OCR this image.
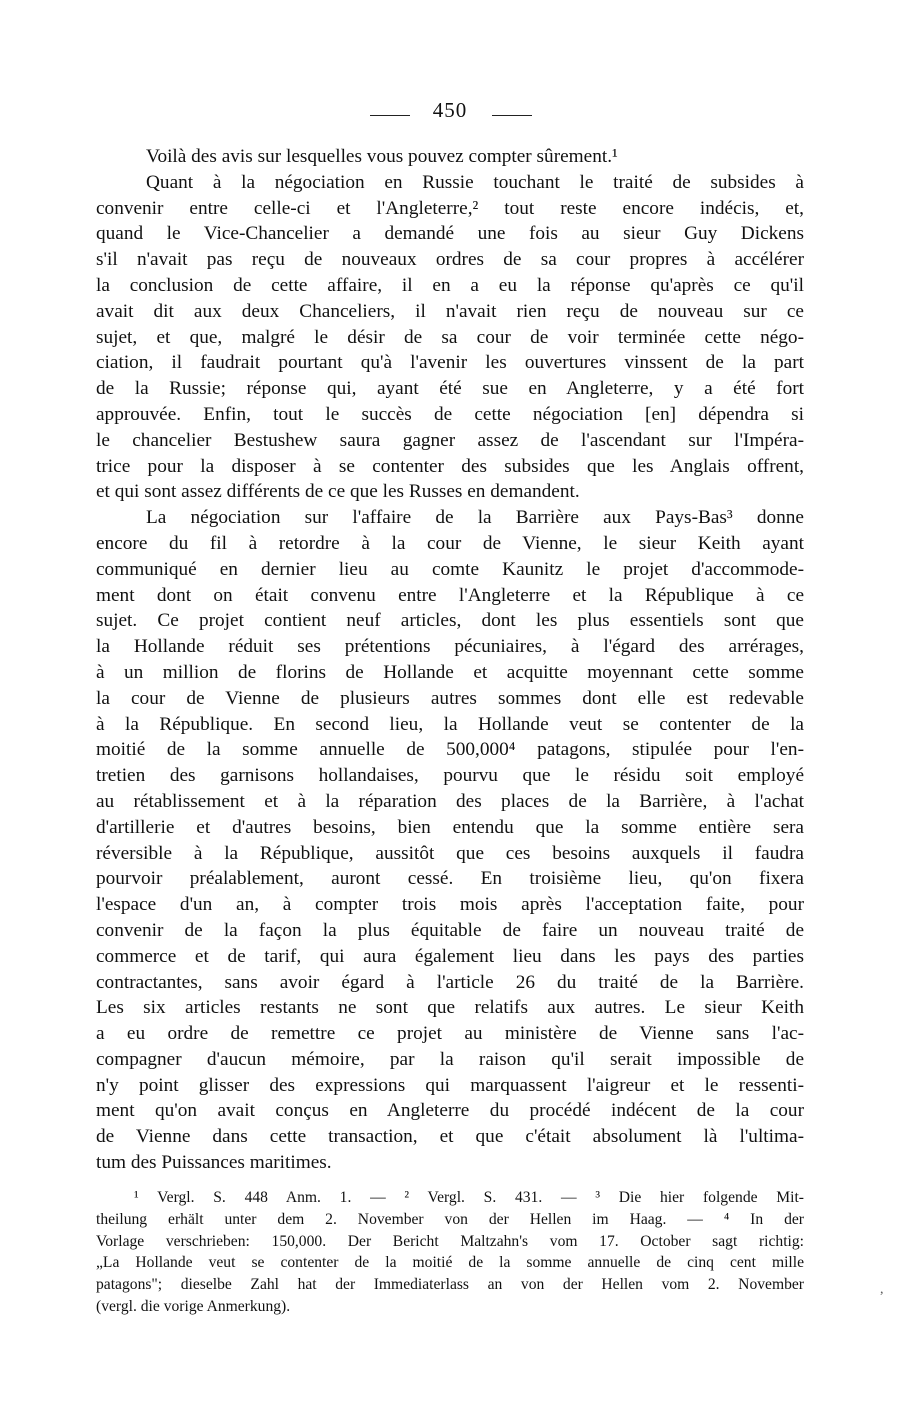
450
Voilà des avis sur lesquelles vous pouvez compter sûrement.¹
Quant à la négociation en Russie touchant le traité de subsides à
convenir entre celle-ci et l'Angleterre,² tout reste encore indécis, et,
quand le Vice-Chancelier a demandé une fois au sieur Guy Dickens
s'il n'avait pas reçu de nouveaux ordres de sa cour propres à accélérer
la conclusion de cette affaire, il en a eu la réponse qu'après ce qu'il
avait dit aux deux Chanceliers, il n'avait rien reçu de nouveau sur ce
sujet, et que, malgré le désir de sa cour de voir terminée cette négo-
ciation, il faudrait pourtant qu'à l'avenir les ouvertures vinssent de la part
de la Russie; réponse qui, ayant été sue en Angleterre, y a été fort
approuvée. Enfin, tout le succès de cette négociation [en] dépendra si
le chancelier Bestushew saura gagner assez de l'ascendant sur l'Impéra-
trice pour la disposer à se contenter des subsides que les Anglais offrent,
et qui sont assez différents de ce que les Russes en demandent.
La négociation sur l'affaire de la Barrière aux Pays-Bas³ donne
encore du fil à retordre à la cour de Vienne, le sieur Keith ayant
communiqué en dernier lieu au comte Kaunitz le projet d'accommode-
ment dont on était convenu entre l'Angleterre et la République à ce
sujet. Ce projet contient neuf articles, dont les plus essentiels sont que
la Hollande réduit ses prétentions pécuniaires, à l'égard des arrérages,
à un million de florins de Hollande et acquitte moyennant cette somme
la cour de Vienne de plusieurs autres sommes dont elle est redevable
à la République. En second lieu, la Hollande veut se contenter de la
moitié de la somme annuelle de 500,000⁴ patagons, stipulée pour l'en-
tretien des garnisons hollandaises, pourvu que le résidu soit employé
au rétablissement et à la réparation des places de la Barrière, à l'achat
d'artillerie et d'autres besoins, bien entendu que la somme entière sera
réversible à la République, aussitôt que ces besoins auxquels il faudra
pourvoir préalablement, auront cessé. En troisième lieu, qu'on fixera
l'espace d'un an, à compter trois mois après l'acceptation faite, pour
convenir de la façon la plus équitable de faire un nouveau traité de
commerce et de tarif, qui aura également lieu dans les pays des parties
contractantes, sans avoir égard à l'article 26 du traité de la Barrière.
Les six articles restants ne sont que relatifs aux autres. Le sieur Keith
a eu ordre de remettre ce projet au ministère de Vienne sans l'ac-
compagner d'aucun mémoire, par la raison qu'il serait impossible de
n'y point glisser des expressions qui marquassent l'aigreur et le ressenti-
ment qu'on avait conçus en Angleterre du procédé indécent de la cour
de Vienne dans cette transaction, et que c'était absolument là l'ultima-
tum des Puissances maritimes.
¹ Vergl. S. 448 Anm. 1. — ² Vergl. S. 431. — ³ Die hier folgende Mit-
theilung erhält unter dem 2. November von der Hellen im Haag. — ⁴ In der
Vorlage verschrieben: 150,000. Der Bericht Maltzahn's vom 17. October sagt richtig:
„La Hollande veut se contenter de la moitié de la somme annuelle de cinq cent mille
patagons"; dieselbe Zahl hat der Immediaterlass an von der Hellen vom 2. November
(vergl. die vorige Anmerkung).
,
